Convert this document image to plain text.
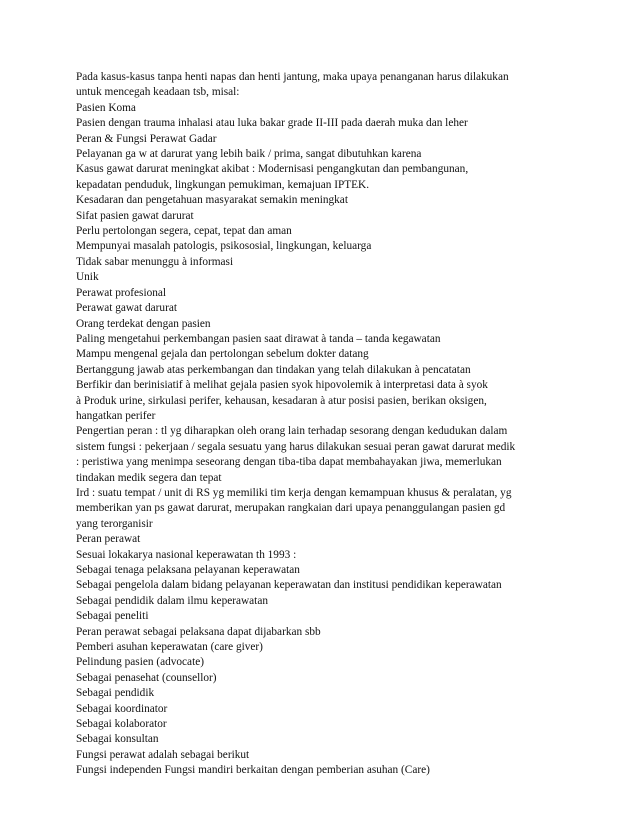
Pada kasus-kasus tanpa henti napas dan henti jantung, maka upaya penanganan harus dilakukan
untuk mencegah keadaan tsb, misal:
Pasien Koma
Pasien dengan trauma inhalasi atau luka bakar grade II-III pada daerah muka dan leher
Peran & Fungsi Perawat Gadar
Pelayanan ga w at darurat yang lebih baik / prima, sangat dibutuhkan karena
Kasus gawat darurat meningkat akibat : Modernisasi pengangkutan dan pembangunan,
kepadatan penduduk, lingkungan pemukiman, kemajuan IPTEK.
Kesadaran dan pengetahuan masyarakat semakin meningkat
Sifat pasien gawat darurat
Perlu pertolongan segera, cepat, tepat dan aman
Mempunyai masalah patologis, psikososial, lingkungan, keluarga
Tidak sabar menunggu à informasi
Unik
Perawat profesional
Perawat gawat darurat
Orang terdekat dengan pasien
Paling mengetahui perkembangan pasien saat dirawat à tanda – tanda kegawatan
Mampu mengenal gejala dan pertolongan sebelum dokter datang
Bertanggung jawab atas perkembangan dan tindakan yang telah dilakukan à pencatatan
Berfikir dan berinisiatif à melihat gejala pasien syok hipovolemik à interpretasi data à syok
à Produk urine, sirkulasi perifer, kehausan, kesadaran à atur posisi pasien, berikan oksigen,
hangatkan perifer
Pengertian peran : tl yg diharapkan oleh orang lain terhadap sesorang dengan kedudukan dalam
sistem fungsi : pekerjaan / segala sesuatu yang harus dilakukan sesuai peran gawat darurat medik
: peristiwa yang menimpa seseorang dengan tiba-tiba dapat membahayakan jiwa, memerlukan
tindakan medik segera dan tepat
Ird : suatu tempat / unit di RS yg memiliki tim kerja dengan kemampuan khusus & peralatan, yg
memberikan yan ps gawat darurat, merupakan rangkaian dari upaya penanggulangan pasien gd
yang terorganisir
Peran perawat
Sesuai lokakarya nasional keperawatan th 1993 :
Sebagai tenaga pelaksana pelayanan keperawatan
Sebagai pengelola dalam bidang pelayanan keperawatan dan institusi pendidikan keperawatan
Sebagai pendidik dalam ilmu keperawatan
Sebagai peneliti
Peran perawat sebagai pelaksana dapat dijabarkan sbb
Pemberi asuhan keperawatan (care giver)
Pelindung pasien (advocate)
Sebagai penasehat (counsellor)
Sebagai pendidik
Sebagai koordinator
Sebagai kolaborator
Sebagai konsultan
Fungsi perawat adalah sebagai berikut
Fungsi independen Fungsi mandiri berkaitan dengan pemberian asuhan (Care)
